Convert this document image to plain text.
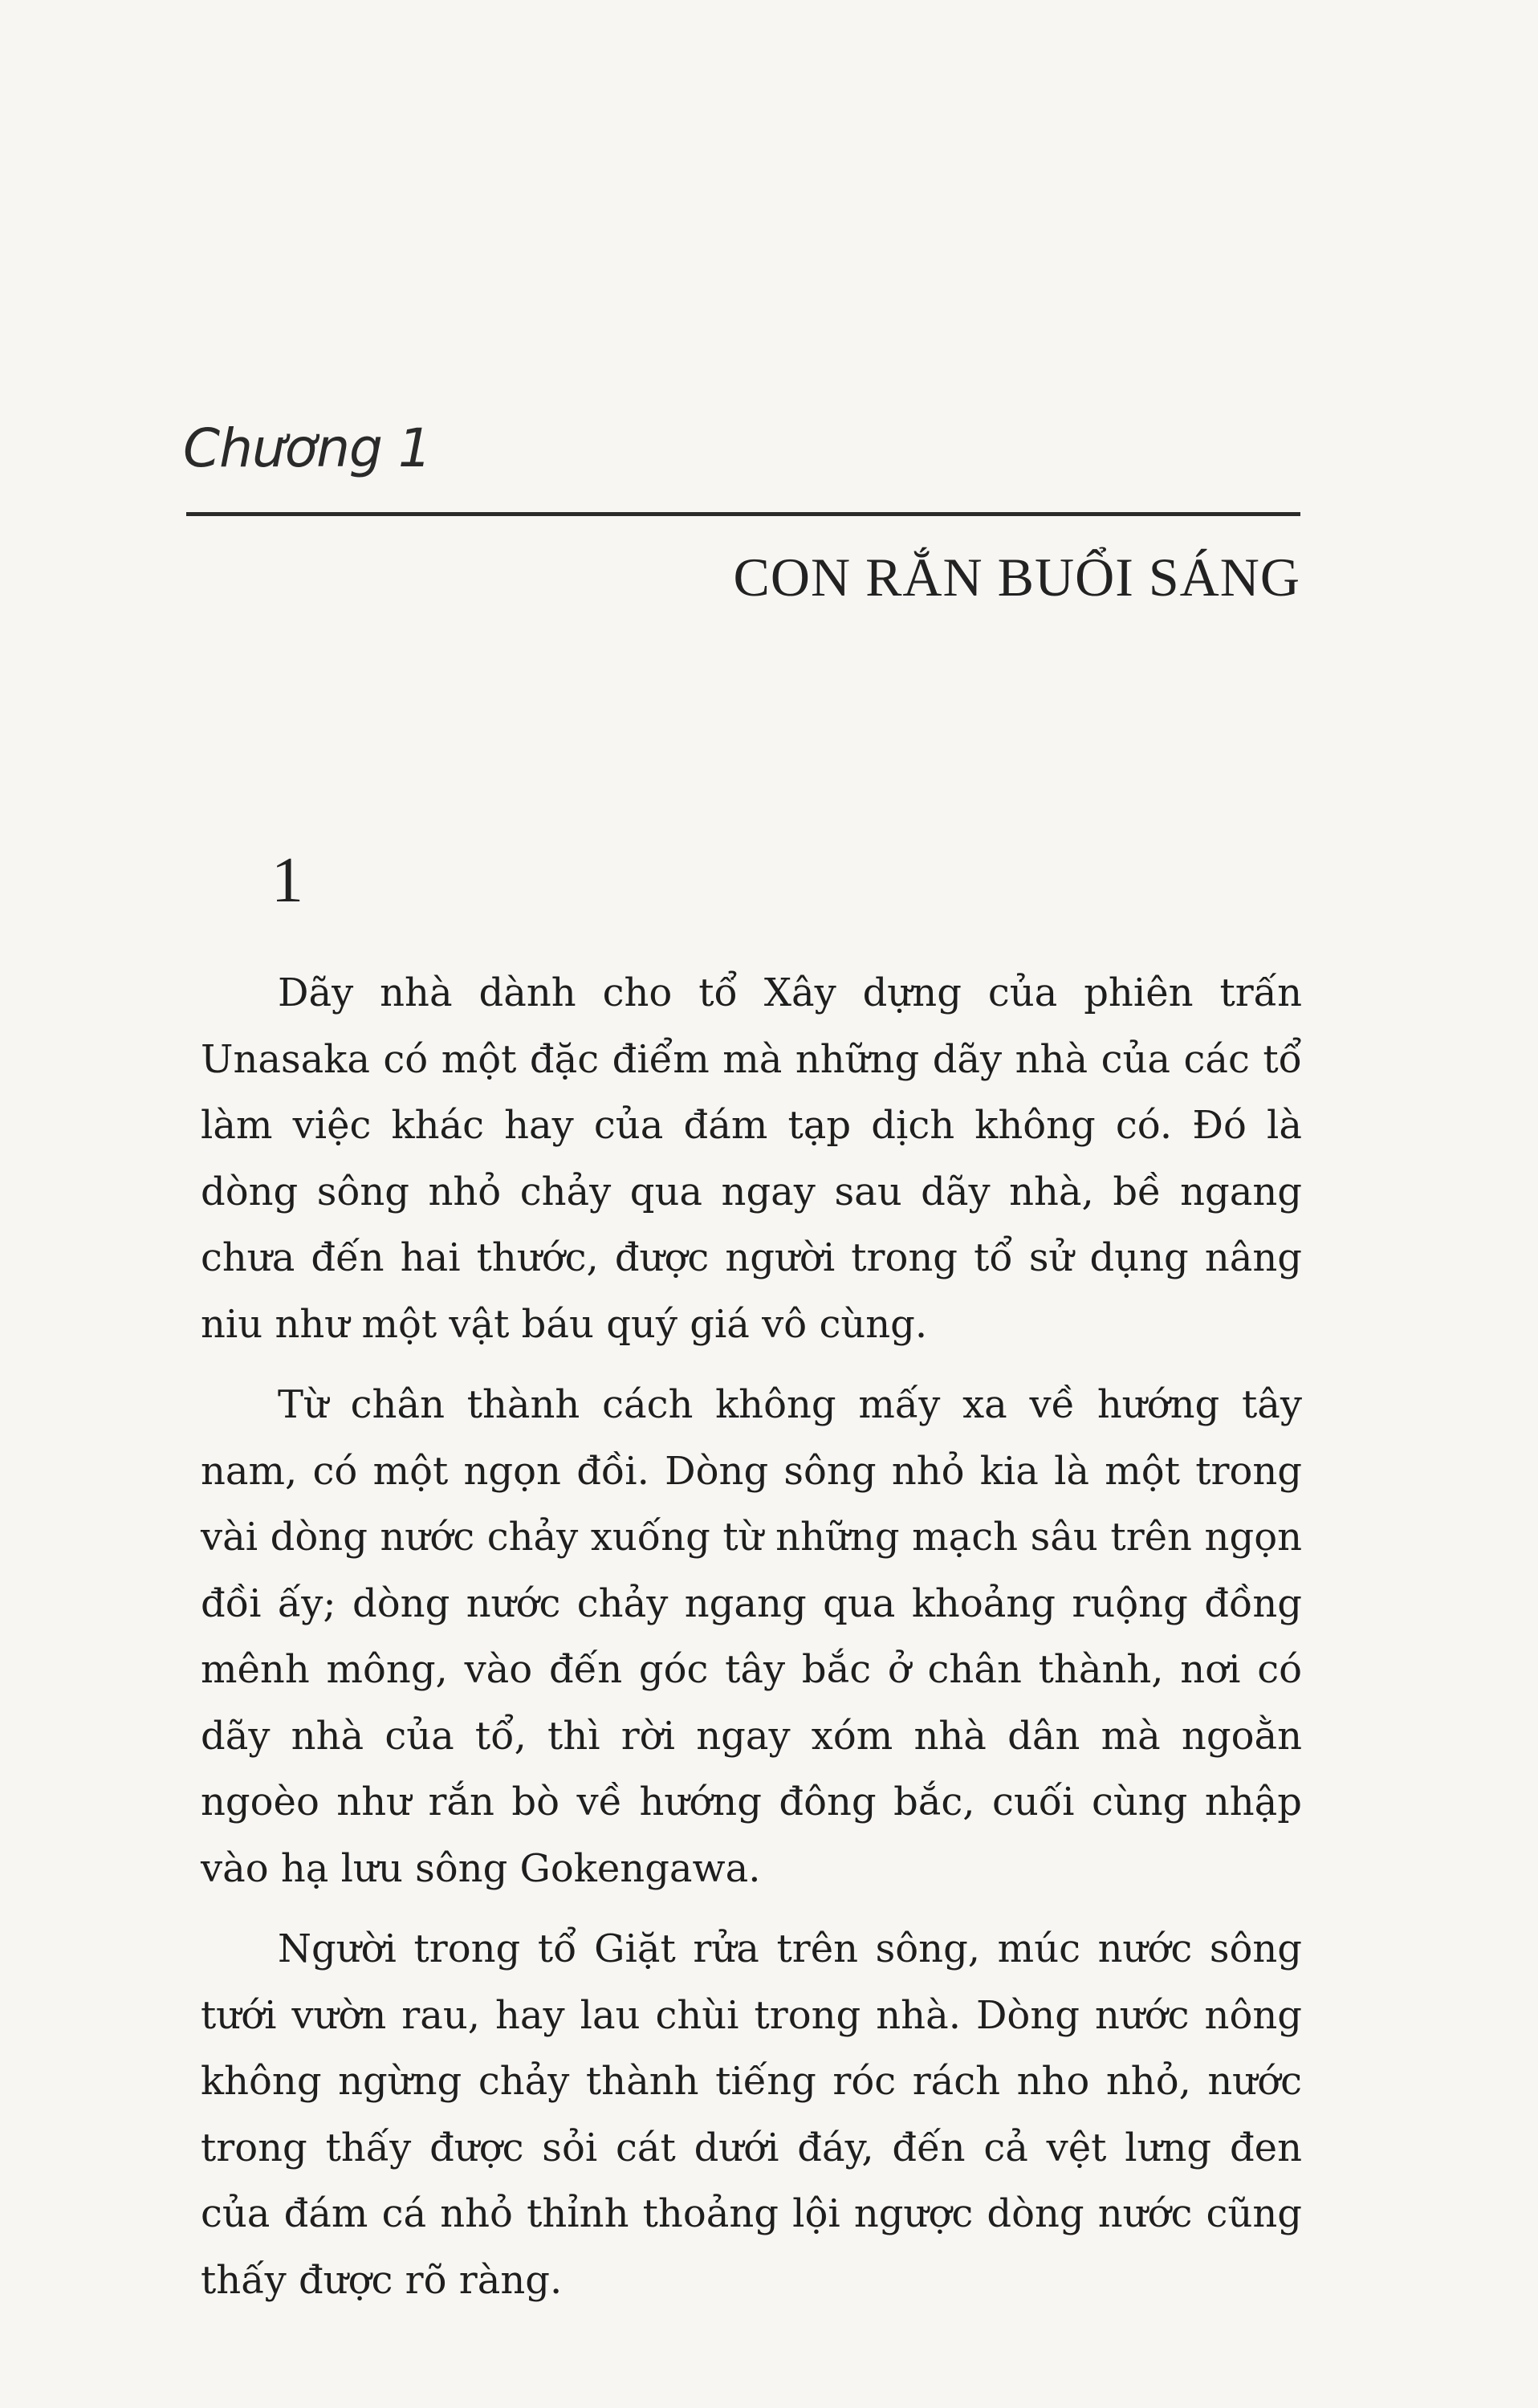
Chương 1
CON RẮN BUỔI SÁNG
1

Dãy nhà dành cho tổ Xây dựng của phiên trấn Unasaka có một đặc điểm mà những dãy nhà của các tổ làm việc khác hay của đám tạp dịch không có. Đó là dòng sông nhỏ chảy qua ngay sau dãy nhà, bề ngang chưa đến hai thước, được người trong tổ sử dụng nâng niu như một vật báu quý giá vô cùng.

Từ chân thành cách không mấy xa về hướng tây nam, có một ngọn đồi. Dòng sông nhỏ kia là một trong vài dòng nước chảy xuống từ những mạch sâu trên ngọn đồi ấy; dòng nước chảy ngang qua khoảng ruộng đồng mênh mông, vào đến góc tây bắc ở chân thành, nơi có dãy nhà của tổ, thì rời ngay xóm nhà dân mà ngoằn ngoèo như rắn bò về hướng đông bắc, cuối cùng nhập vào hạ lưu sông Gokengawa.

Người trong tổ Giặt rửa trên sông, múc nước sông tưới vườn rau, hay lau chùi trong nhà. Dòng nước nông không ngừng chảy thành tiếng róc rách nho nhỏ, nước trong thấy được sỏi cát dưới đáy, đến cả vệt lưng đen của đám cá nhỏ thỉnh thoảng lội ngược dòng nước cũng thấy được rõ ràng.
